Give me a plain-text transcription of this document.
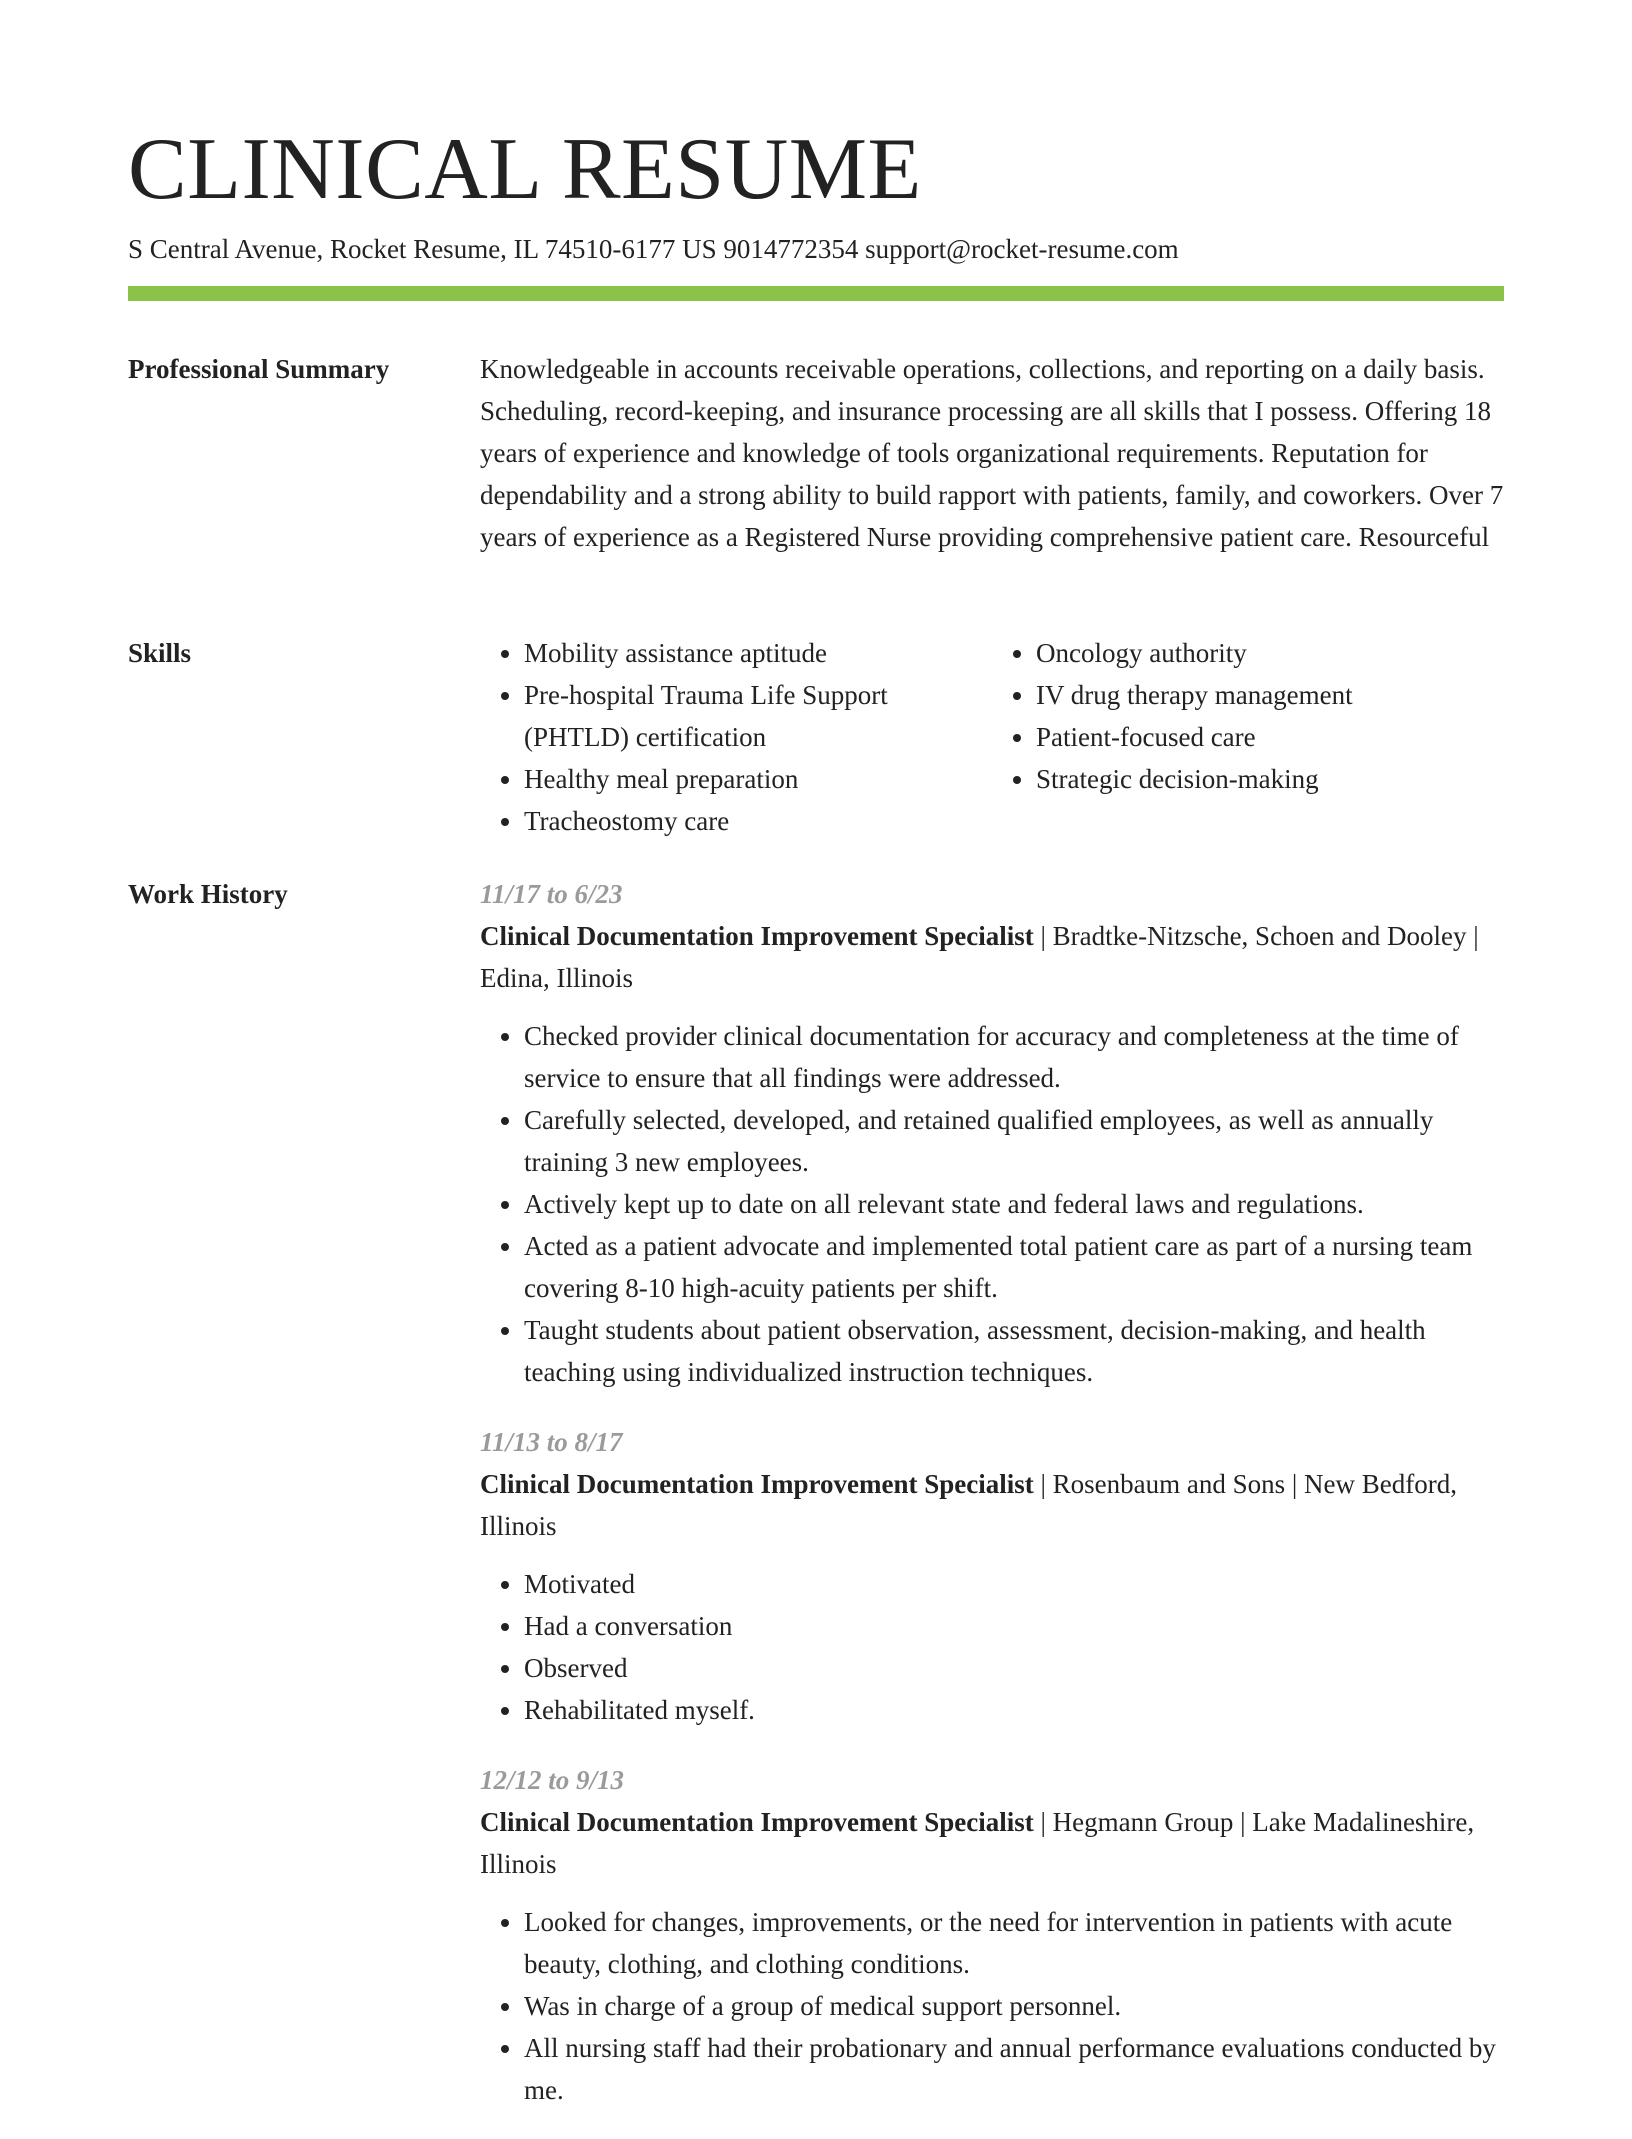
CLINICAL RESUME
S Central Avenue, Rocket Resume, IL 74510-6177 US 9014772354 support@rocket-resume.com
Professional Summary	Knowledgeable in accounts receivable operations, collections, and reporting on a daily basis. Scheduling, record-keeping, and insurance processing are all skills that I possess. Offering 18 years of experience and knowledge of tools organizational requirements. Reputation for dependability and a strong ability to build rapport with patients, family, and coworkers. Over 7 years of experience as a Registered Nurse providing comprehensive patient care. Resourceful

Skills
•	Mobility assistance aptitude
• Pre-hospital Trauma Life Support (PHTLD) certification
• Healthy meal preparation
• Tracheostomy care
• Oncology authority
• IV drug therapy management
• Patient-focused care
• Strategic decision-making
Work History	11/17 to 6/23
Clinical Documentation Improvement Specialist | Bradtke-Nitzsche, Schoen and Dooley | Edina, Illinois
• Checked provider clinical documentation for accuracy and completeness at the time of service to ensure that all findings were addressed.
• Carefully selected, developed, and retained qualified employees, as well as annually training 3 new employees.
• Actively kept up to date on all relevant state and federal laws and regulations.
• Acted as a patient advocate and implemented total patient care as part of a nursing team covering 8-10 high-acuity patients per shift.
• Taught students about patient observation, assessment, decision-making, and health teaching using individualized instruction techniques.
11/13 to 8/17
Clinical Documentation Improvement Specialist | Rosenbaum and Sons | New Bedford, Illinois
• Motivated
• Had a conversation
• Observed
• Rehabilitated myself.
12/12 to 9/13
Clinical Documentation Improvement Specialist | Hegmann Group | Lake Madalineshire, Illinois
• Looked for changes, improvements, or the need for intervention in patients with acute beauty, clothing, and clothing conditions.
• Was in charge of a group of medical support personnel.
• All nursing staff had their probationary and annual performance evaluations conducted by me.
